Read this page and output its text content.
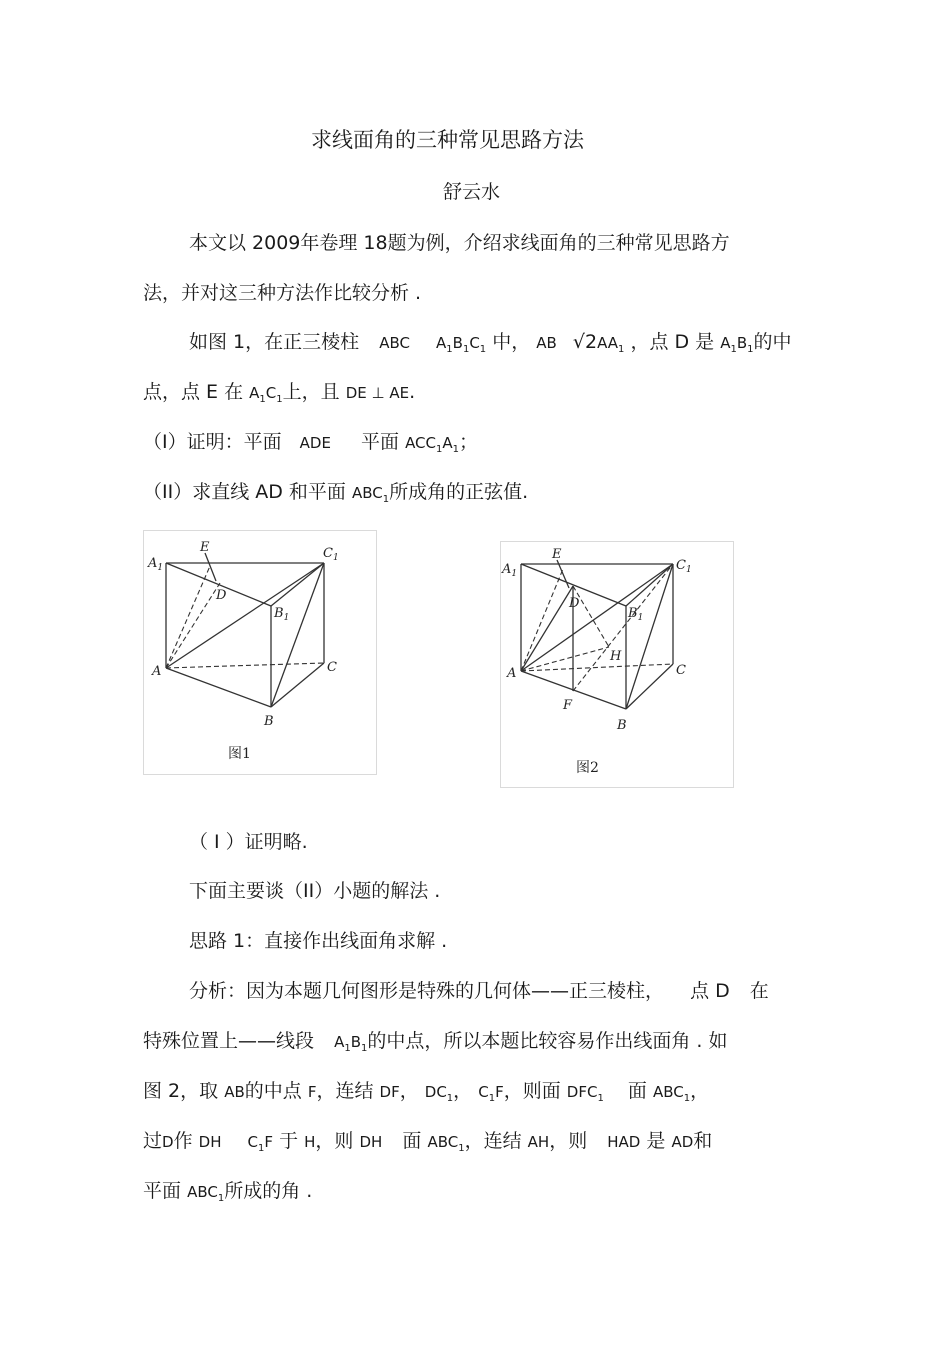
求线面角的三种常见思路方法
舒云水
本文以 2009年卷理 18题为例，介绍求线面角的三种常见思路方
法，并对这三种方法作比较分析 .
如图 1，在正三棱柱 ABC $A_1B_1C_1$ 中， AB $√2AA_1$ ，点 D 是 $A_1B_1$的中
点，点 E 在 $A_1C_1$上，且 DE ⊥ AE.
（I）证明：平面 ADE 平面 $ACC_1A_1$；
（II）求直线 AD 和平面 $ABC_1$所成角的正弦值.
$A_1$
E	$C_1$
D
$B_1$
A	C
B
图1
$A_1$
E
$C_1$
D
$B_1$
H
A	C
F
B
图2
（ I ）证明略.
下面主要谈（II）小题的解法 .
思路 1：直接作出线面角求解 .
分析：因为本题几何图形是特殊的几何体——正三棱柱， 点 D 在
特殊位置上——线段 $A_1B_1$的中点，所以本题比较容易作出线面角 . 如
图 2，取 AB的中点 F，连结 DF， $DC_1$， $C_1F$，则面 $DFC_1$ 面 $ABC_1$，
过D作 DH $C_1F$ 于 H，则 DH 面 $ABC_1$，连结 AH，则 HAD 是 AD和
平面 $ABC_1$所成的角 .
